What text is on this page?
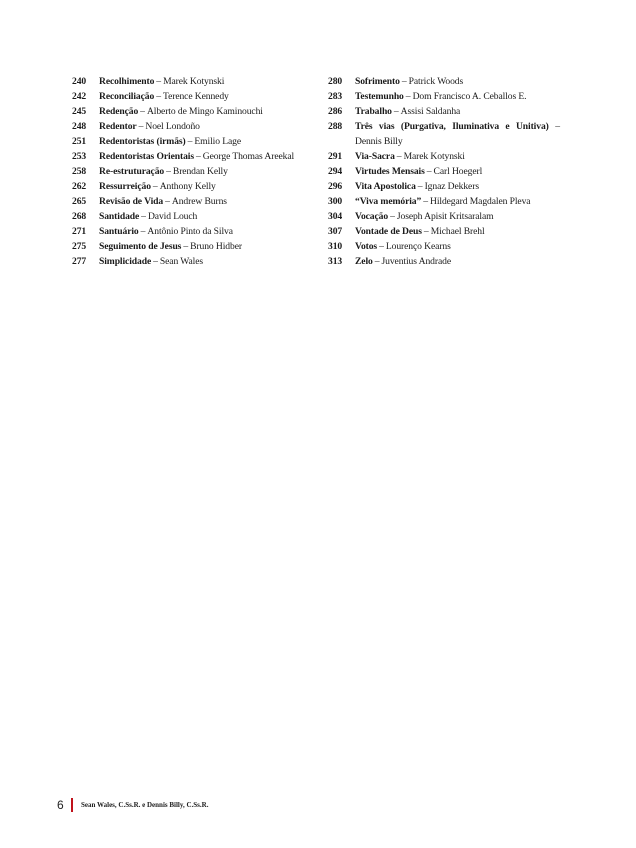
240	Recolhimento – Marek Kotynski
242	Reconciliação – Terence Kennedy
245	Redenção – Alberto de Mingo Kaminouchi
248	Redentor – Noel Londoño
251	Redentoristas (irmãs) – Emilio Lage
253	Redentoristas Orientais – George Thomas Areekal
258	Re-estruturação – Brendan Kelly
262	Ressurreição – Anthony Kelly
265	Revisão de Vida – Andrew Burns
268	Santidade – David Louch
271	Santuário – Antônio Pinto da Silva
275	Seguimento de Jesus – Bruno Hidber
277	Simplicidade – Sean Wales
280	Sofrimento – Patrick Woods
283	Testemunho – Dom Francisco A. Ceballos E.
286	Trabalho – Assisi Saldanha
288	Três vias (Purgativa, Iluminativa e Unitiva) –
Dennis Billy
291	Via-Sacra – Marek Kotynski
294	Virtudes Mensais – Carl Hoegerl
296	Vita Apostolica – Ignaz Dekkers
300	“Viva memória” – Hildegard Magdalen Pleva
304	Vocação – Joseph Apisit Kritsaralam
307	Vontade de Deus – Michael Brehl
310	Votos – Lourenço Kearns
313	Zelo – Juventius Andrade
6	Sean Wales, C.Ss.R. e Dennis Billy, C.Ss.R.
